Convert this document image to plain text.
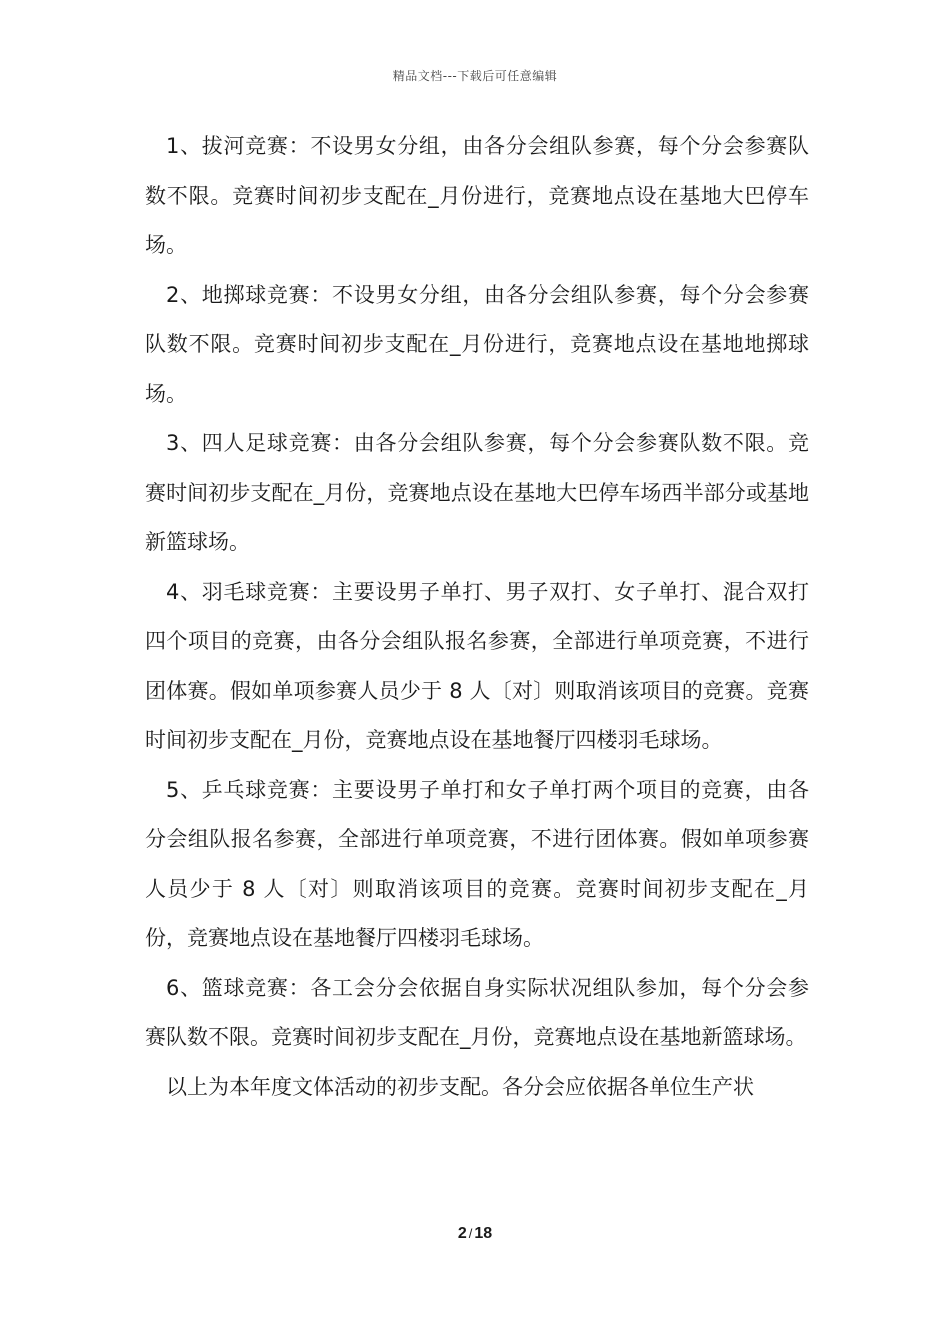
精品文档---下载后可任意编辑

1、拔河竞赛：不设男女分组，由各分会组队参赛，每个分会参赛队数不限。竞赛时间初步支配在_月份进行，竞赛地点设在基地大巴停车场。

2、地掷球竞赛：不设男女分组，由各分会组队参赛，每个分会参赛队数不限。竞赛时间初步支配在_月份进行，竞赛地点设在基地地掷球场。

3、四人足球竞赛：由各分会组队参赛，每个分会参赛队数不限。竞赛时间初步支配在_月份，竞赛地点设在基地大巴停车场西半部分或基地新篮球场。

4、羽毛球竞赛：主要设男子单打、男子双打、女子单打、混合双打四个项目的竞赛，由各分会组队报名参赛，全部进行单项竞赛，不进行团体赛。假如单项参赛人员少于 8 人〔对〕则取消该项目的竞赛。竞赛时间初步支配在_月份，竞赛地点设在基地餐厅四楼羽毛球场。

5、乒乓球竞赛：主要设男子单打和女子单打两个项目的竞赛，由各分会组队报名参赛，全部进行单项竞赛，不进行团体赛。假如单项参赛人员少于 8 人〔对〕则取消该项目的竞赛。竞赛时间初步支配在_月份，竞赛地点设在基地餐厅四楼羽毛球场。

6、篮球竞赛：各工会分会依据自身实际状况组队参加，每个分会参赛队数不限。竞赛时间初步支配在_月份，竞赛地点设在基地新篮球场。

以上为本年度文体活动的初步支配。各分会应依据各单位生产状

2 / 18
